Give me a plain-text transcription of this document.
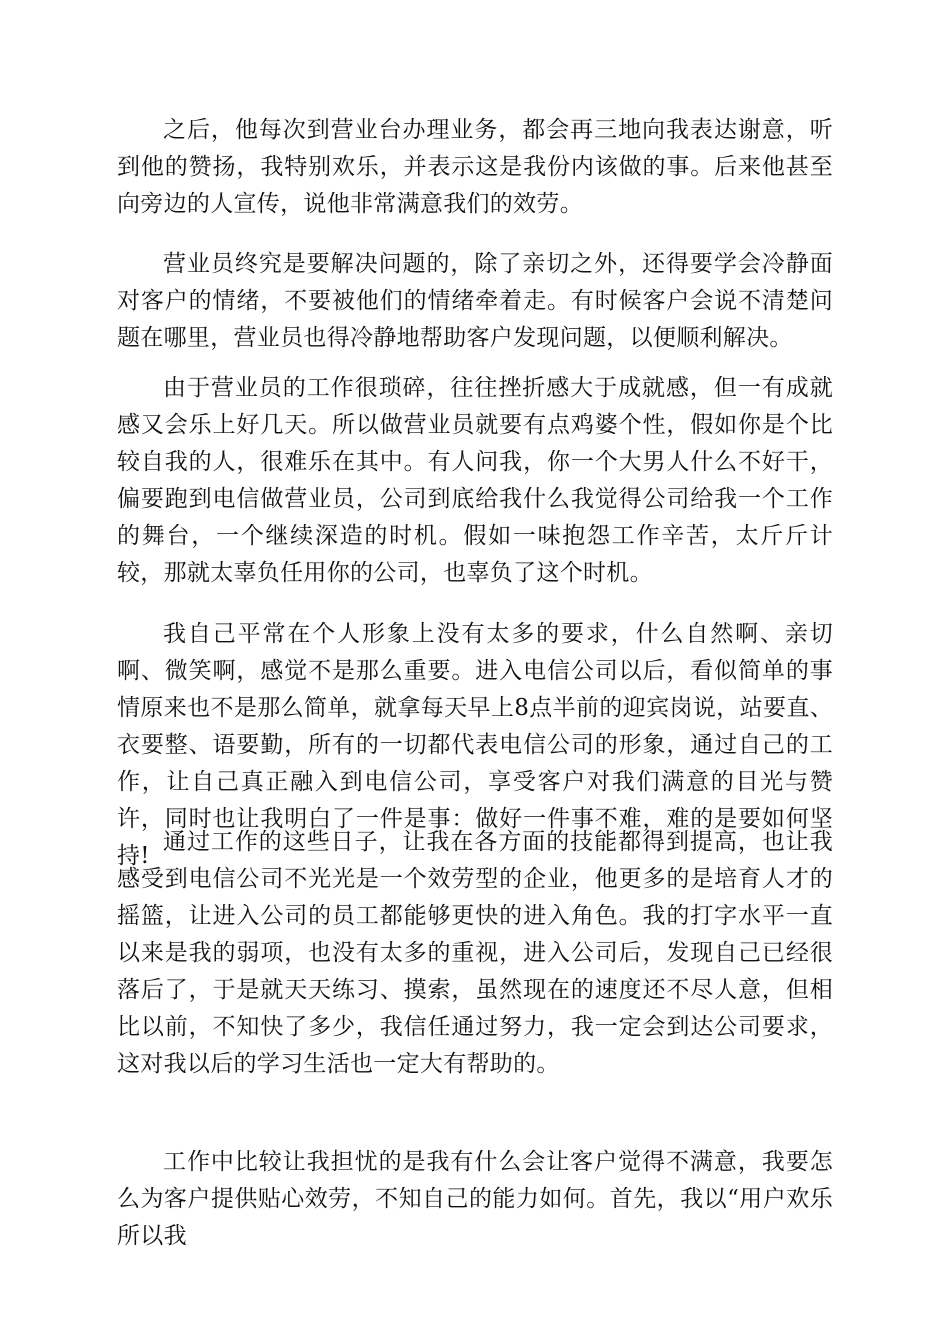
之后，他每次到营业台办理业务，都会再三地向我表达谢意，听到他的赞扬，我特别欢乐，并表示这是我份内该做的事。后来他甚至向旁边的人宣传，说他非常满意我们的效劳。

营业员终究是要解决问题的，除了亲切之外，还得要学会冷静面对客户的情绪，不要被他们的情绪牵着走。有时候客户会说不清楚问题在哪里，营业员也得冷静地帮助客户发现问题，以便顺利解决。

由于营业员的工作很琐碎，往往挫折感大于成就感，但一有成就感又会乐上好几天。所以做营业员就要有点鸡婆个性，假如你是个比较自我的人，很难乐在其中。有人问我，你一个大男人什么不好干，偏要跑到电信做营业员，公司到底给我什么我觉得公司给我一个工作的舞台，一个继续深造的时机。假如一味抱怨工作辛苦，太斤斤计较，那就太辜负任用你的公司，也辜负了这个时机。

我自己平常在个人形象上没有太多的要求，什么自然啊、亲切啊、微笑啊，感觉不是那么重要。进入电信公司以后，看似简单的事情原来也不是那么简单，就拿每天早上8点半前的迎宾岗说，站要直、衣要整、语要勤，所有的一切都代表电信公司的形象，通过自己的工作，让自己真正融入到电信公司，享受客户对我们满意的目光与赞许，同时也让我明白了一件是事：做好一件事不难，难的是要如何坚持!

通过工作的这些日子，让我在各方面的技能都得到提高，也让我感受到电信公司不光光是一个效劳型的企业，他更多的是培育人才的摇篮，让进入公司的员工都能够更快的进入角色。我的打字水平一直以来是我的弱项，也没有太多的重视，进入公司后，发现自己已经很落后了，于是就天天练习、摸索，虽然现在的速度还不尽人意，但相比以前，不知快了多少，我信任通过努力，我一定会到达公司要求，这对我以后的学习生活也一定大有帮助的。

工作中比较让我担忧的是我有什么会让客户觉得不满意，我要怎么为客户提供贴心效劳，不知自己的能力如何。首先，我以“用户欢乐所以我
